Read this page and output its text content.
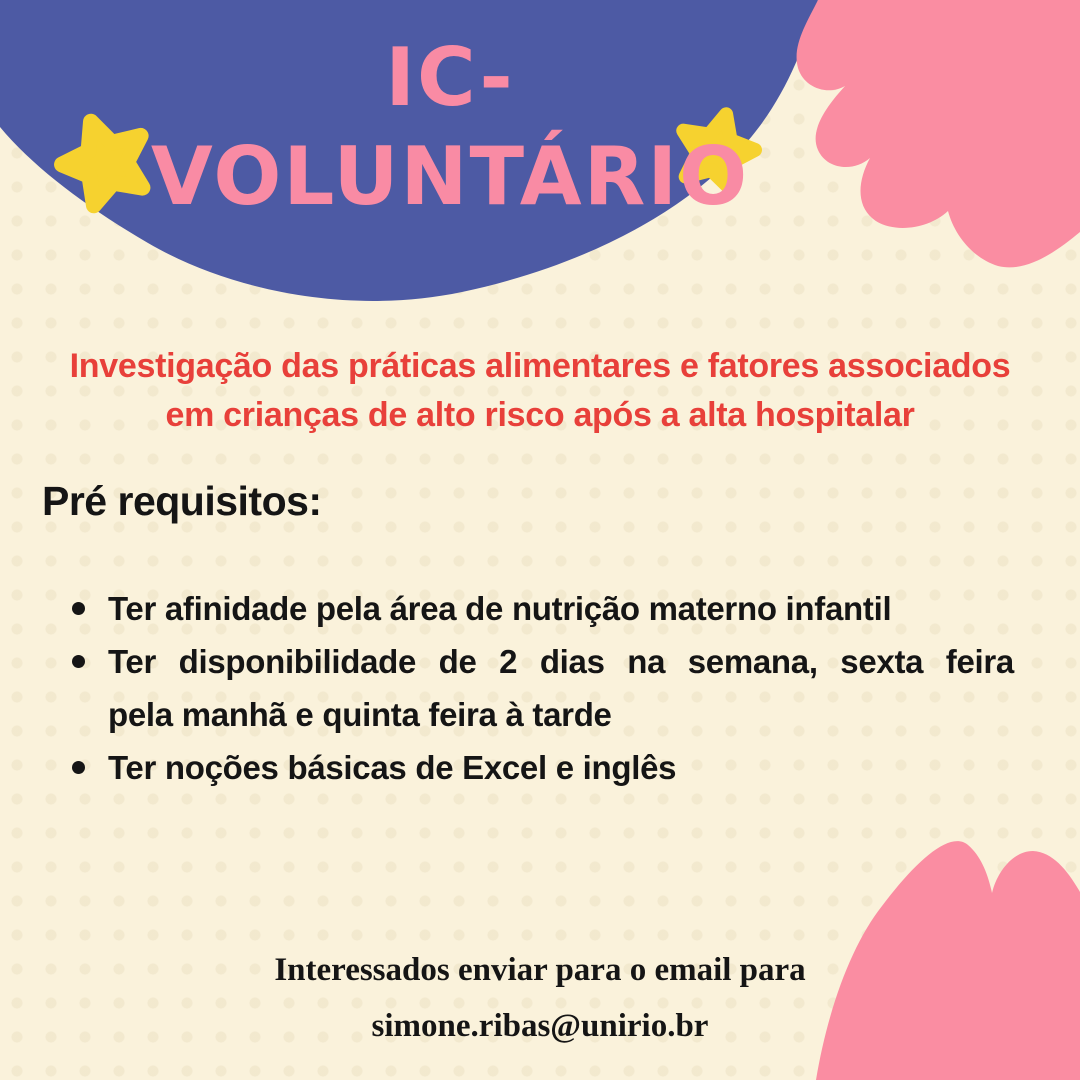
IC-
VOLUNTÁRIO
Investigação das práticas alimentares e fatores associados
em crianças de alto risco após a alta hospitalar
Pré requisitos:
Ter afinidade pela área de nutrição materno infantil
Ter disponibilidade de 2 dias na semana, sexta feira
pela manhã e quinta feira à tarde
Ter noções básicas de Excel e inglês
Interessados enviar para o email para
simone.ribas@unirio.br
